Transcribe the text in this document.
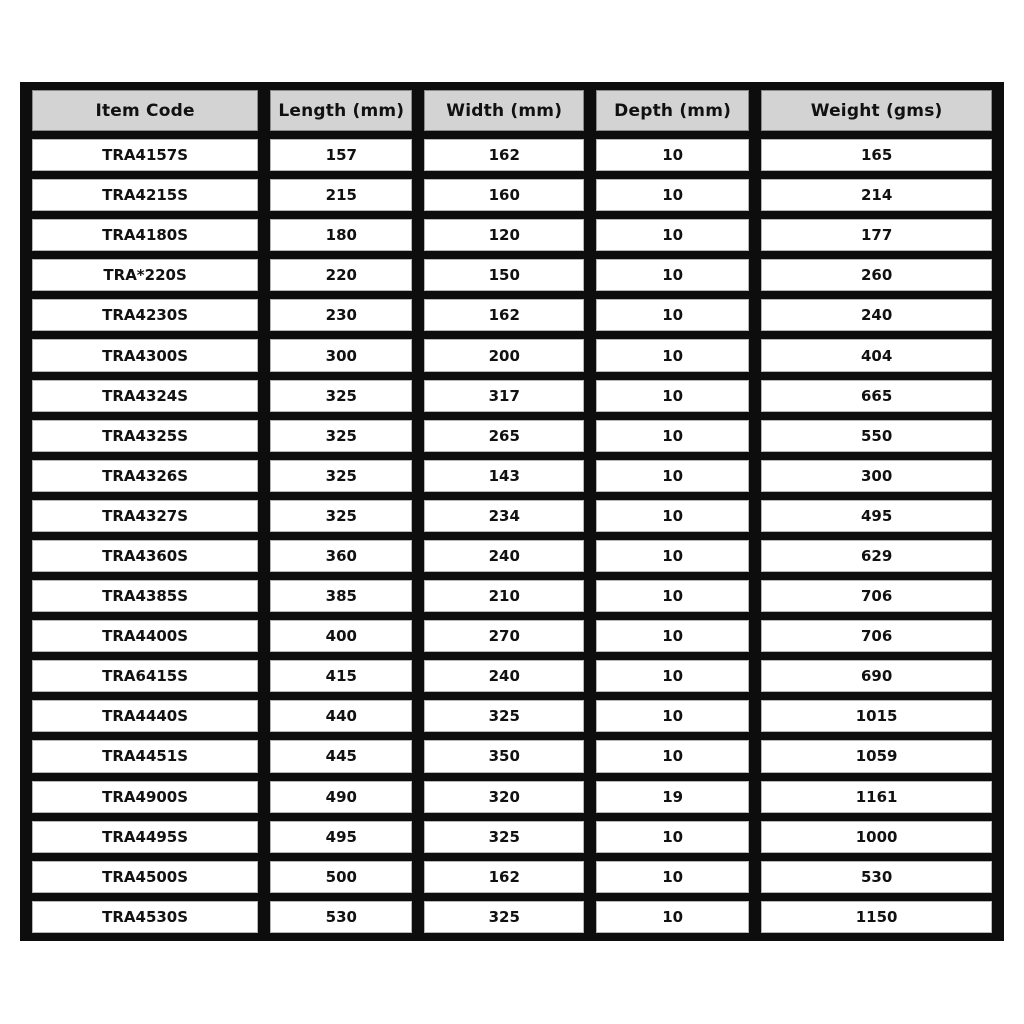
Item Code	Length (mm)	Width (mm)	Depth (mm)	Weight (gms)
TRA4157S	157	162	10	165
TRA4215S	215	160	10	214
TRA4180S	180	120	10	177
TRA*220S	220	150	10	260
TRA4230S	230	162	10	240
TRA4300S	300	200	10	404
TRA4324S	325	317	10	665
TRA4325S	325	265	10	550
TRA4326S	325	143	10	300
TRA4327S	325	234	10	495
TRA4360S	360	240	10	629
TRA4385S	385	210	10	706
TRA4400S	400	270	10	706
TRA6415S	415	240	10	690
TRA4440S	440	325	10	1015
TRA4451S	445	350	10	1059
TRA4900S	490	320	19	1161
TRA4495S	495	325	10	1000
TRA4500S	500	162	10	530
TRA4530S	530	325	10	1150
